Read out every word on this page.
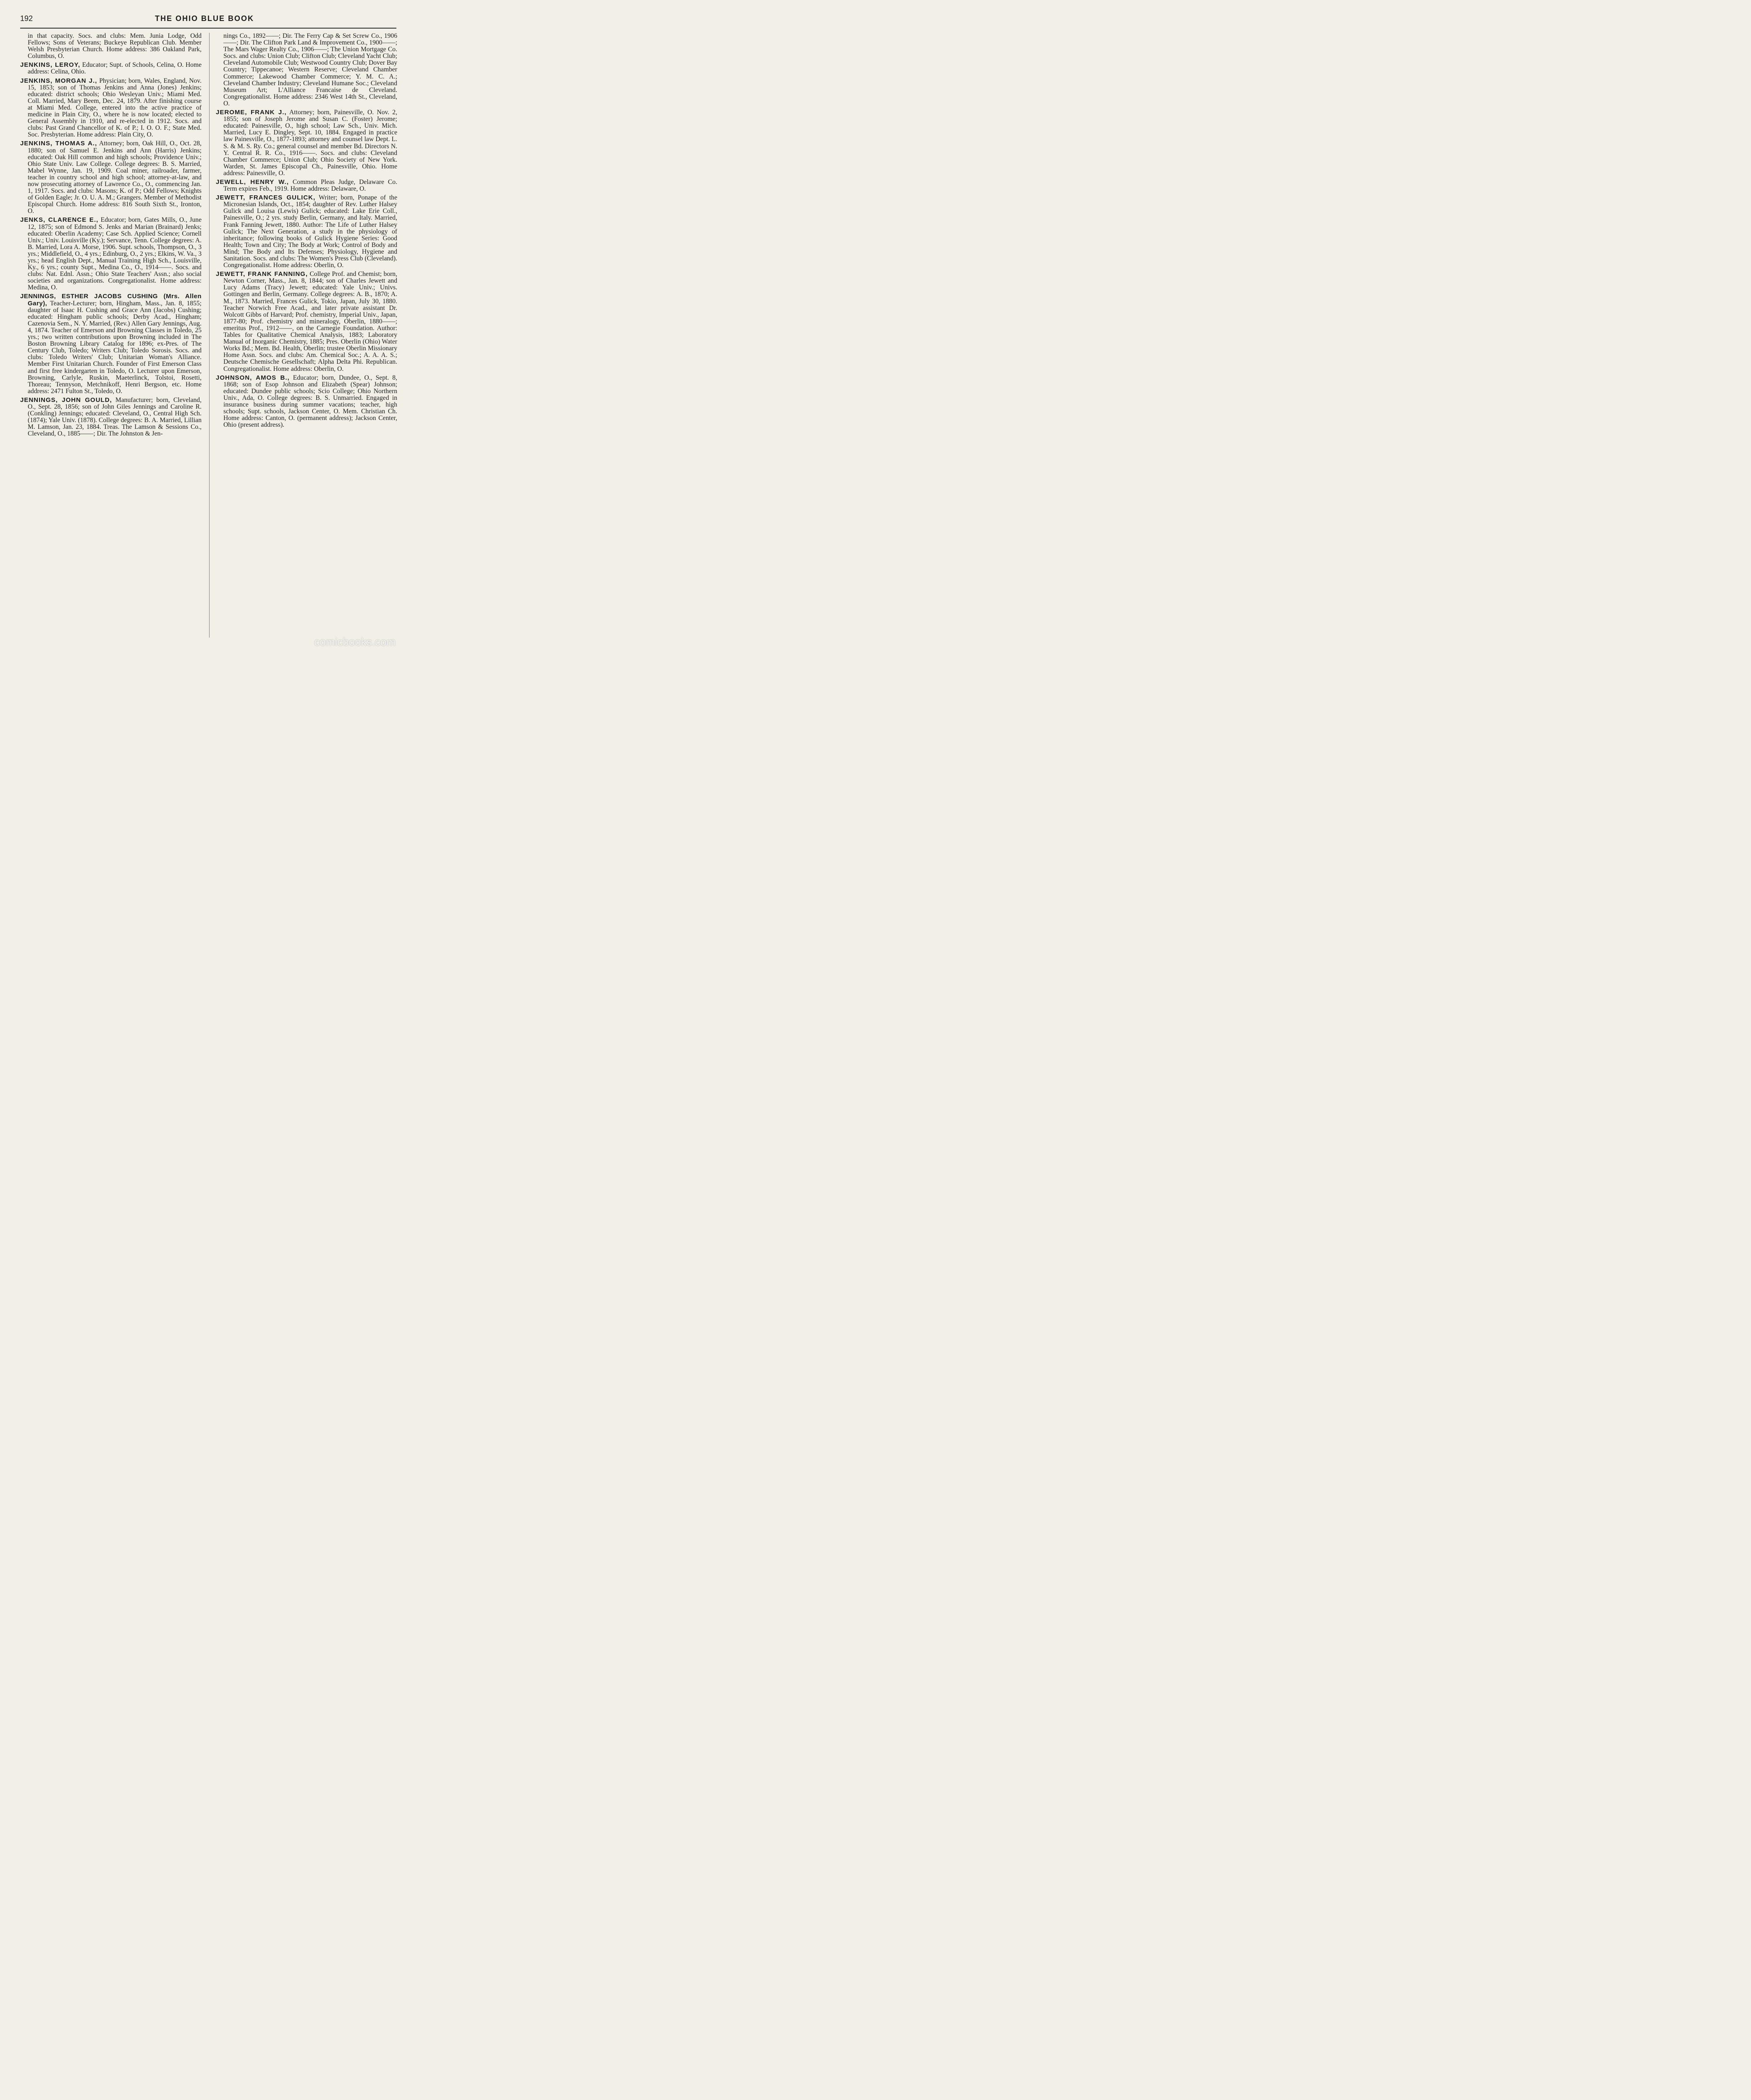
192	THE OHIO BLUE BOOK

in that capacity. Socs. and clubs: Mem. Junia Lodge, Odd Fellows; Sons of Veterans; Buckeye Republican Club. Member Welsh Presbyterian Church. Home address: 386 Oakland Park, Columbus, O.

JENKINS, LEROY, Educator; Supt. of Schools, Celina, O. Home address: Celina, Ohio.

JENKINS, MORGAN J., Physician; born, Wales, England, Nov. 15, 1853; son of Thomas Jenkins and Anna (Jones) Jenkins; educated: district schools; Ohio Wesleyan Univ.; Miami Med. Coll. Married, Mary Beem, Dec. 24, 1879. After finishing course at Miami Med. College, entered into the active practice of medicine in Plain City, O., where he is now located; elected to General Assembly in 1910, and re-elected in 1912. Socs. and clubs: Past Grand Chancellor of K. of P.; I. O. O. F.; State Med. Soc. Presbyterian. Home address: Plain City, O.

JENKINS, THOMAS A., Attorney; born, Oak Hill, O., Oct. 28, 1880; son of Samuel E. Jenkins and Ann (Harris) Jenkins; educated: Oak Hill common and high schools; Providence Univ.; Ohio State Univ. Law College. College degrees: B. S. Married, Mabel Wynne, Jan. 19, 1909. Coal miner, railroader, farmer, teacher in country school and high school; attorney-at-law, and now prosecuting attorney of Lawrence Co., O., commencing Jan. 1, 1917. Socs. and clubs: Masons; K. of P.; Odd Fellows; Knights of Golden Eagle; Jr. O. U. A. M.; Grangers. Member of Methodist Episcopal Church. Home address: 816 South Sixth St., Ironton, O.

JENKS, CLARENCE E., Educator; born, Gates Mills, O., June 12, 1875; son of Edmond S. Jenks and Marian (Brainard) Jenks; educated: Oberlin Academy; Case Sch. Applied Science; Cornell Univ.; Univ. Louisville (Ky.); Servance, Tenn. College degrees: A. B. Married, Lora A. Morse, 1906. Supt. schools, Thompson, O., 3 yrs.; Middlefield, O., 4 yrs.; Edinburg, O., 2 yrs.; Elkins, W. Va., 3 yrs.; head English Dept., Manual Training High Sch., Louisville, Ky., 6 yrs.; county Supt., Medina Co., O., 1914——. Socs. and clubs: Nat. Ednl. Assn.; Ohio State Teachers' Assn.; also social societies and organizations. Congregationalist. Home address: Medina, O.

JENNINGS, ESTHER JACOBS CUSHING (Mrs. Allen Gary), Teacher-Lecturer; born, Hingham, Mass., Jan. 8, 1855; daughter of Isaac H. Cushing and Grace Ann (Jacobs) Cushing; educated: Hingham public schools; Derby Acad., Hingham; Cazenovia Sem., N. Y. Married, (Rev.) Allen Gary Jennings, Aug. 4, 1874. Teacher of Emerson and Browning Classes in Toledo, 25 yrs.; two written contributions upon Browning included in The Boston Browning Library Catalog for 1896; ex-Pres. of The Century Club, Toledo; Writers Club; Toledo Sorosis. Socs. and clubs: Toledo Writers' Club; Unitarian Woman's Alliance. Member First Unitarian Church. Founder of First Emerson Class and first free kindergarten in Toledo, O. Lecturer upon Emerson, Browning, Carlyle, Ruskin, Maeterlinck, Tolstoi, Rosetti, Thoreau; Tennyson, Metchnikoff, Henri Bergson, etc. Home address: 2471 Fulton St., Toledo, O.

JENNINGS, JOHN GOULD, Manufacturer; born, Cleveland, O., Sept. 28, 1856; son of John Giles Jennings and Caroline R. (Conkling) Jennings; educated: Cleveland, O., Central High Sch. (1874); Yale Univ. (1878). College degrees: B. A. Married, Lillian M. Lamson, Jan. 23, 1884. Treas. The Lamson & Sessions Co., Cleveland, O., 1885——; Dir. The Johnston & Jen-

nings Co., 1892——; Dir. The Ferry Cap & Set Screw Co., 1906——; Dir. The Clifton Park Land & Improvement Co., 1900——; The Mars Wager Realty Co., 1906——; The Union Mortgage Co. Socs. and clubs: Union Club; Clifton Club; Cleveland Yacht Club; Cleveland Automobile Club; Westwood Country Club; Dover Bay Country; Tippecanoe; Western Reserve; Cleveland Chamber Commerce; Lakewood Chamber Commerce; Y. M. C. A.; Cleveland Chamber Industry; Cleveland Humane Soc.; Cleveland Museum Art; L'Alliance Francaise de Cleveland. Congregationalist. Home address: 2346 West 14th St., Cleveland, O.

JEROME, FRANK J., Attorney; born, Painesville, O. Nov. 2, 1855; son of Joseph Jerome and Susan C. (Foster) Jerome; educated: Painesville, O., high school; Law Sch., Univ. Mich. Married, Lucy E. Dingley, Sept. 10, 1884. Engaged in practice law Painesville, O., 1877-1893; attorney and counsel law Dept. L. S. & M. S. Ry. Co.; general counsel and member Bd. Directors N. Y. Central R. R. Co., 1916——. Socs. and clubs: Cleveland Chamber Commerce; Union Club; Ohio Society of New York. Warden, St. James Episcopal Ch., Painesville, Ohio. Home address: Painesville, O.

JEWELL, HENRY W., Common Pleas Judge, Delaware Co. Term expires Feb., 1919. Home address: Delaware, O.

JEWETT, FRANCES GULICK, Writer; born, Ponape of the Micronesian Islands, Oct., 1854; daughter of Rev. Luther Halsey Gulick and Louisa (Lewis) Gulick; educated: Lake Erie Coll., Painesville, O.; 2 yrs. study Berlin, Germany, and Italy. Married, Frank Fanning Jewett, 1880. Author: The Life of Luther Halsey Gulick; The Next Generation, a study in the physiology of inheritance; following books of Gulick Hygiene Series: Good Health; Town and City; The Body at Work; Control of Body and Mind; The Body and Its Defenses; Physiology, Hygiene and Sanitation. Socs. and clubs: The Women's Press Club (Cleveland). Congregationalist. Home address: Oberlin, O.

JEWETT, FRANK FANNING, College Prof. and Chemist; born, Newton Corner, Mass., Jan. 8, 1844; son of Charles Jewett and Lucy Adams (Tracy) Jewett; educated: Yale Univ.; Univs. Gottingen and Berlin, Germany. College degrees: A. B., 1870; A. M., 1873. Married, Frances Gulick, Tokio, Japan, July 30, 1880. Teacher Norwich Free Acad., and later private assistant Dr. Wolcott Gibbs of Harvard; Prof. chemistry, Imperial Univ., Japan, 1877-80; Prof. chemistry and mineralogy, Oberlin, 1880——; emeritus Prof., 1912——, on the Carnegie Foundation. Author: Tables for Qualitative Chemical Analysis, 1883; Laboratory Manual of Inorganic Chemistry, 1885; Pres. Oberlin (Ohio) Water Works Bd.; Mem. Bd. Health, Oberlin; trustee Oberlin Missionary Home Assn. Socs. and clubs: Am. Chemical Soc.; A. A. A. S.; Deutsche Chemische Gesellschaft; Alpha Delta Phi. Republican. Congregationalist. Home address: Oberlin, O.

JOHNSON, AMOS B., Educator; born, Dundee, O., Sept. 8, 1868; son of Esop Johnson and Elizabeth (Spear) Johnson; educated: Dundee public schools; Scio College; Ohio Northern Univ., Ada, O. College degrees: B. S. Unmarried. Engaged in insurance business during summer vacations; teacher, high schools; Supt. schools, Jackson Center, O. Mem. Christian Ch. Home address: Canton, O. (permanent address); Jackson Center, Ohio (present address).

comicbooks.com
